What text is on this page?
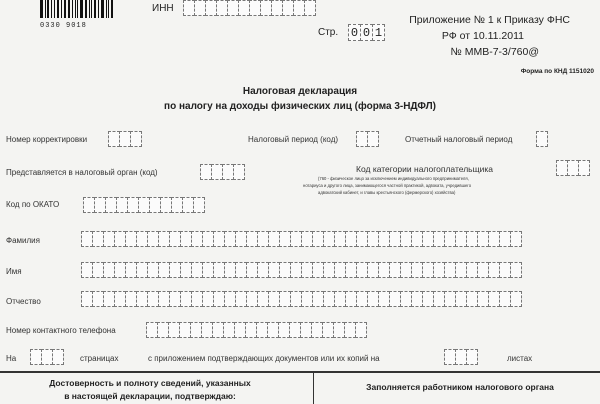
0330 9018
ИНН
Стр. 0 0 1
Приложение № 1 к Приказу ФНС
РФ от 10.11.2011
№ ММВ-7-3/760@
Форма по КНД 1151020
Налоговая декларация
по налогу на доходы физических лиц (форма 3-НДФЛ)
Номер корректировки	Налоговый период (код)	Отчетный налоговый период
Представляется в налоговый орган (код)	Код категории налогоплательщика
(760 - физическое лицо за исключением индивидуального предпринимателя,
нотариуса и другого лица, занимающегося частной практикой, адвоката, учредившего
адвокатский кабинет, и главы крестьянского (фермерского) хозяйства)
Код по ОКАТО
Фамилия
Имя
Отчество
Номер контактного телефона
На	страницах	с приложением подтверждающих документов или их копий на	листах
Достоверность и полноту сведений, указанных
в настоящей декларации, подтверждаю:
Заполняется работником налогового органа
